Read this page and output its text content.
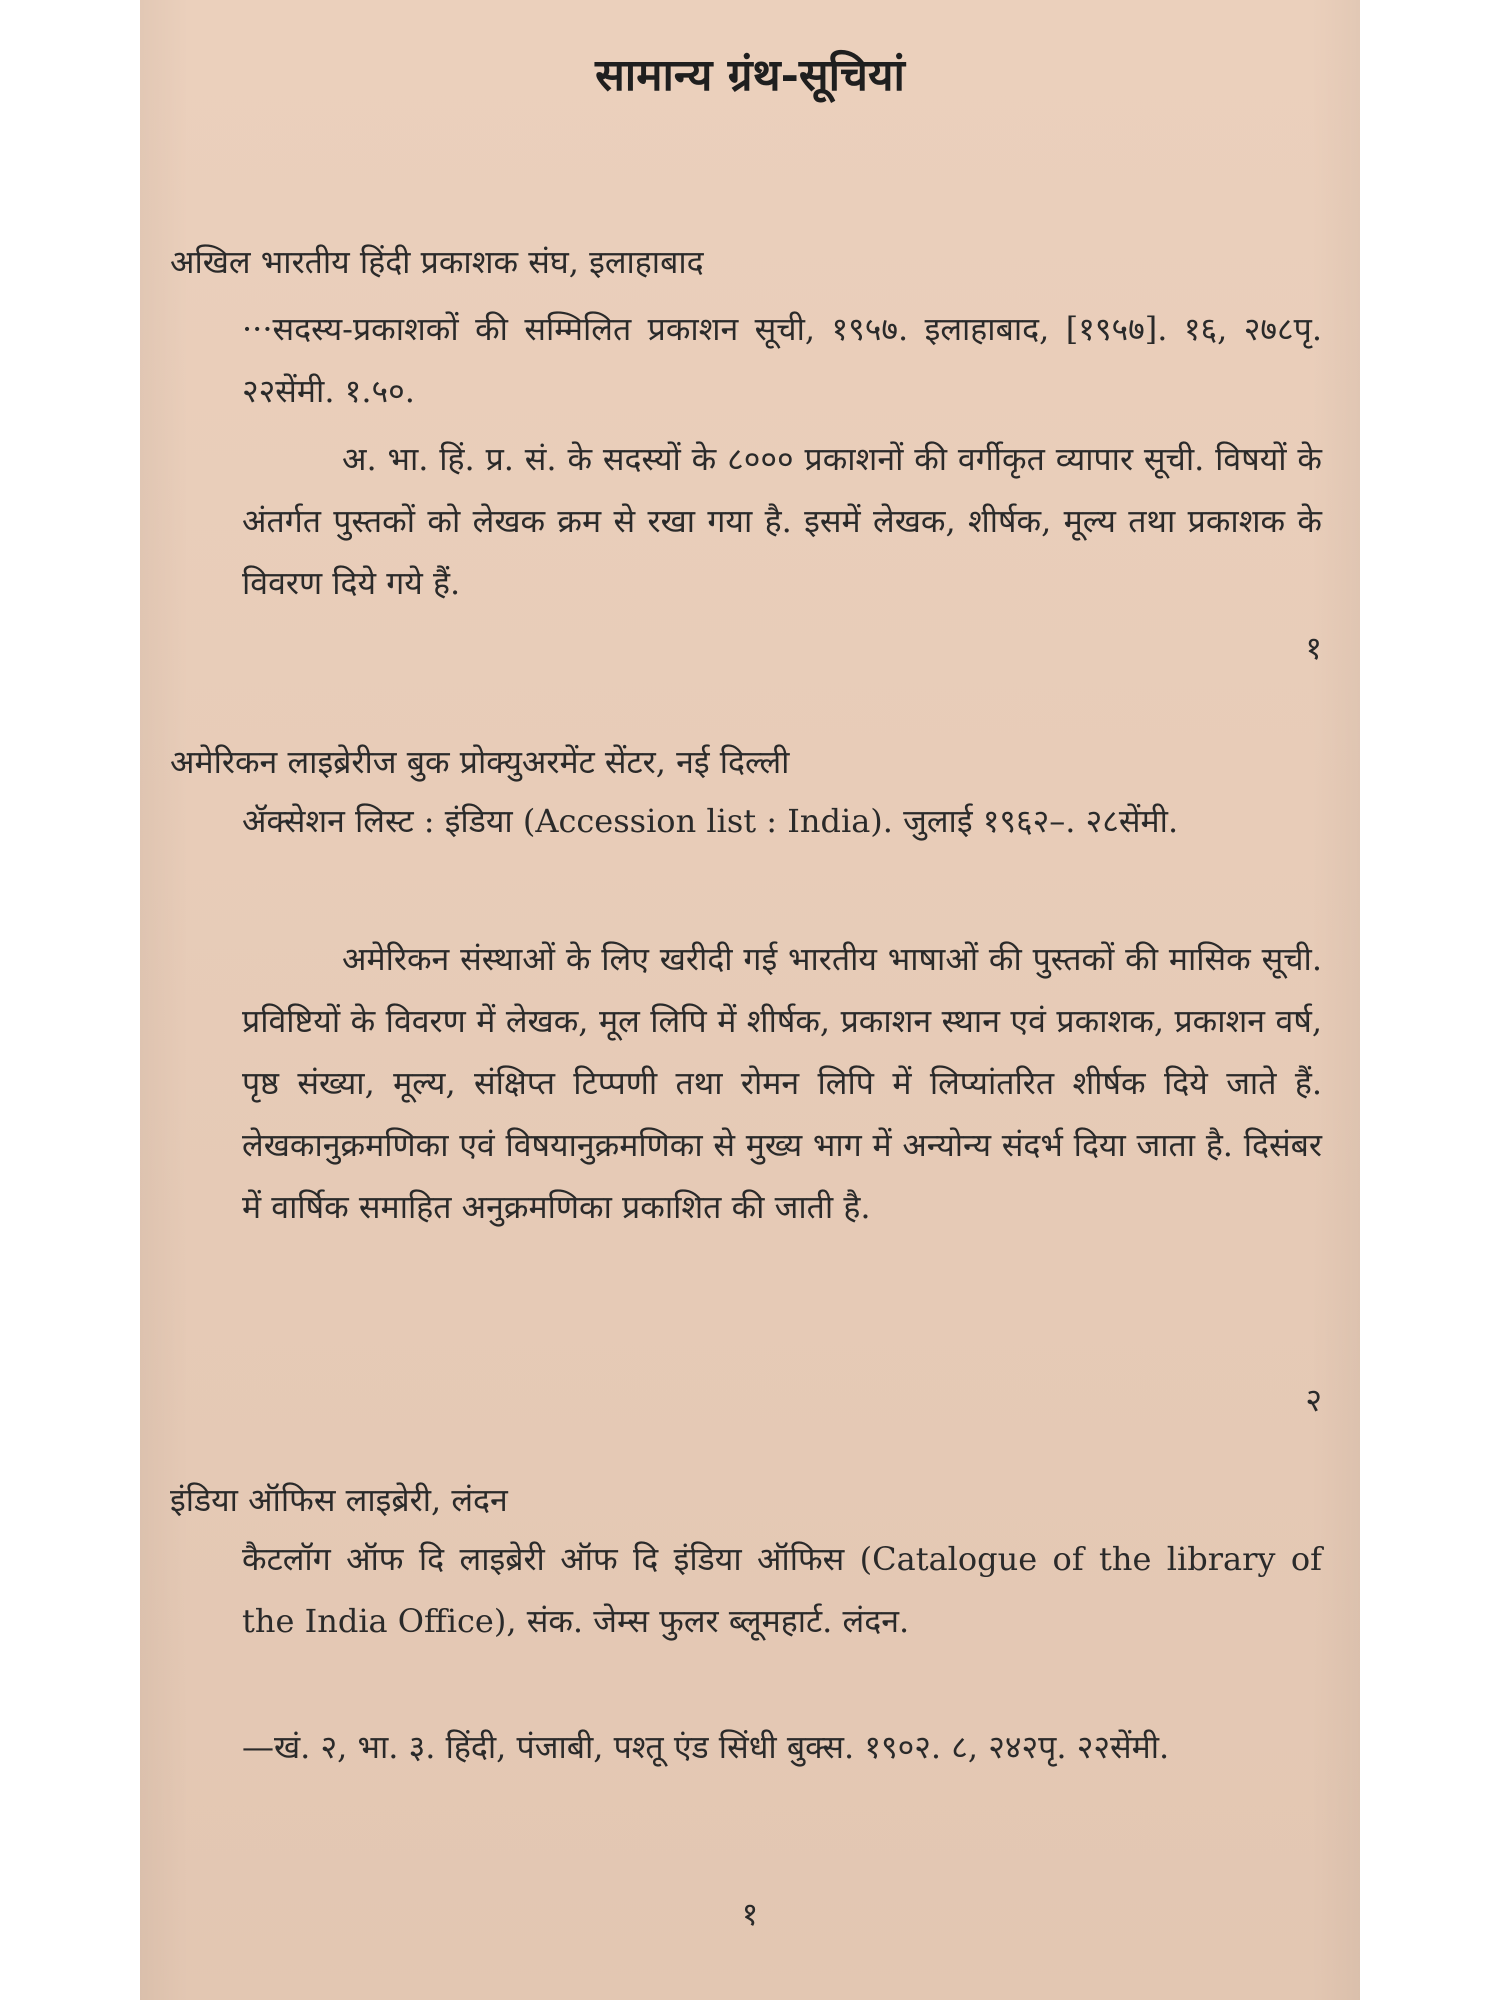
सामान्य ग्रंथ-सूचियां
अखिल भारतीय हिंदी प्रकाशक संघ, इलाहाबाद
···सदस्य-प्रकाशकों की सम्मिलित प्रकाशन सूची, १९५७. इलाहाबाद, [१९५७]. १६, २७८पृ. २२सेंमी. १.५०.
अ. भा. हिं. प्र. सं. के सदस्यों के ८००० प्रकाशनों की वर्गीकृत व्यापार सूची. विषयों के अंतर्गत पुस्तकों को लेखक क्रम से रखा गया है. इसमें लेखक, शीर्षक, मूल्य तथा प्रकाशक के विवरण दिये गये हैं.
१
अमेरिकन लाइब्रेरीज बुक प्रोक्युअरमेंट सेंटर, नई दिल्ली
ॲक्सेशन लिस्ट : इंडिया (Accession list : India). जुलाई १९६२–. २८सेंमी.
अमेरिकन संस्थाओं के लिए खरीदी गई भारतीय भाषाओं की पुस्तकों की मासिक सूची. प्रविष्टियों के विवरण में लेखक, मूल लिपि में शीर्षक, प्रकाशन स्थान एवं प्रकाशक, प्रकाशन वर्ष, पृष्ठ संख्या, मूल्य, संक्षिप्त टिप्पणी तथा रोमन लिपि में लिप्यांतरित शीर्षक दिये जाते हैं. लेखकानुक्रमणिका एवं विषयानुक्रमणिका से मुख्य भाग में अन्योन्य संदर्भ दिया जाता है. दिसंबर में वार्षिक समाहित अनुक्रमणिका प्रकाशित की जाती है.
२
इंडिया ऑफिस लाइब्रेरी, लंदन
कैटलॉग ऑफ दि लाइब्रेरी ऑफ दि इंडिया ऑफिस (Catalogue of the library of the India Office), संक. जेम्स फुलर ब्लूमहार्ट. लंदन.
—खं. २, भा. ३. हिंदी, पंजाबी, पश्तू एंड सिंधी बुक्स. १९०२. ८, २४२पृ. २२सेंमी.
१
